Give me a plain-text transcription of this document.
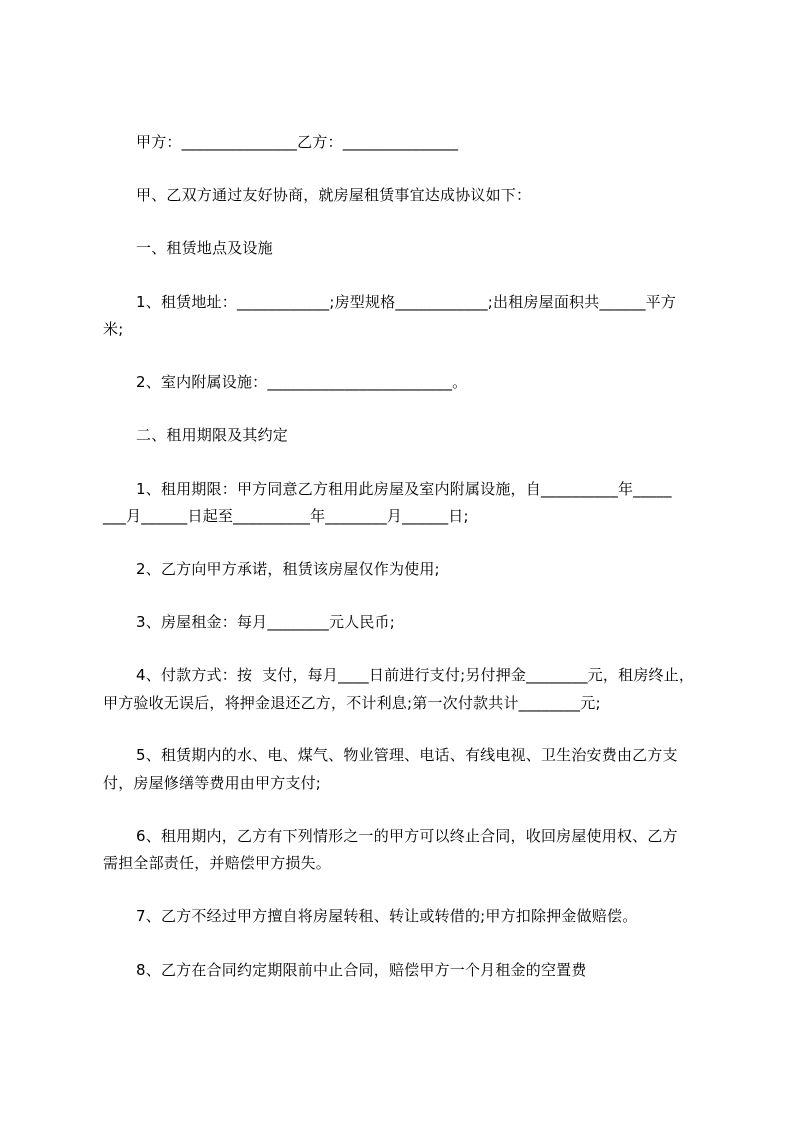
甲方：_______________乙方：_______________
甲、乙双方通过友好协商，就房屋租赁事宜达成协议如下：
一、租赁地点及设施
1、租赁地址：____________;房型规格____________;出租房屋面积共______平方
米;
2、室内附属设施：________________________。
二、租用期限及其约定
1、租用期限：甲方同意乙方租用此房屋及室内附属设施，自__________年_____
___月______日起至__________年________月______日;
2、乙方向甲方承诺，租赁该房屋仅作为使用;
3、房屋租金：每月________元人民币;
4、付款方式：按  支付，每月____日前进行支付;另付押金________元，租房终止，
甲方验收无误后，将押金退还乙方，不计利息;第一次付款共计________元;
5、租赁期内的水、电、煤气、物业管理、电话、有线电视、卫生治安费由乙方支
付，房屋修缮等费用由甲方支付;
6、租用期内，乙方有下列情形之一的甲方可以终止合同，收回房屋使用权、乙方
需担全部责任，并赔偿甲方损失。
7、乙方不经过甲方擅自将房屋转租、转让或转借的;甲方扣除押金做赔偿。
8、乙方在合同约定期限前中止合同，赔偿甲方一个月租金的空置费
